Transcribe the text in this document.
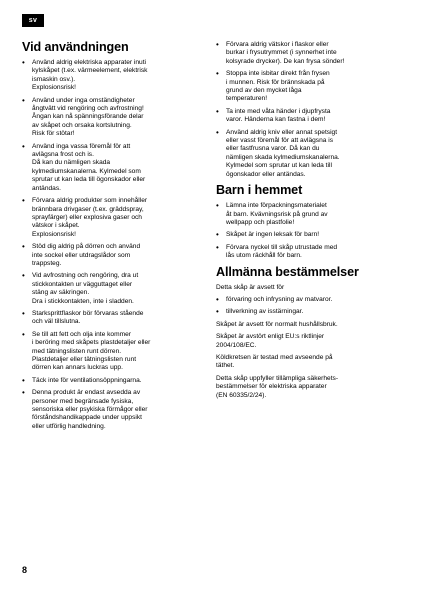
sv
Vid användningen
• Använd aldrig elektriska apparater inuti
kylskåpet (t.ex. värmeelement, elektrisk
ismaskin osv.).
Explosionsrisk!
• Använd under inga omständigheter
ångtvätt vid rengöring och avfrostning!
Ångan kan nå spänningsförande delar
av skåpet och orsaka kortslutning.
Risk för stötar!
• Använd inga vassa föremål för att
avlägsna frost och is.
Då kan du nämligen skada
kylmediumskanalerna. Kylmedel som
sprutar ut kan leda till ögonskador eller
antändas.
• Förvara aldrig produkter som innehåller
brännbara drivgaser (t.ex. gräddspray,
sprayfärger) eller explosiva gaser och
vätskor i skåpet.
Explosionsrisk!
• Stöd dig aldrig på dörren och använd
inte sockel eller utdragslådor som
trappsteg.
• Vid avfrostning och rengöring, dra ut
stickkontakten ur vägguttaget eller
stäng av säkringen.
Dra i stickkontakten, inte i sladden.
• Starksprittflaskor bör förvaras stående
och väl tillslutna.
• Se till att fett och olja inte kommer
i beröring med skåpets plastdetaljer eller
med tätningslisten runt dörren.
Plastdetaljer eller tätningslisten runt
dörren kan annars luckras upp.
• Täck inte för ventilationsöppningarna.
• Denna produkt är endast avsedda av
personer med begränsade fysiska,
sensoriska eller psykiska förmågor eller
förståndshandikappade under uppsikt
eller utförlig handledning.
• Förvara aldrig vätskor i flaskor eller
burkar i frysutrymmet (i synnerhet inte
kolsyrade drycker). De kan frysa sönder!
• Stoppa inte isbitar direkt från frysen
i munnen. Risk för brännskada på
grund av den mycket låga
temperaturen!
• Ta inte med våta händer i djupfrysta
varor. Händerna kan fastna i dem!
• Använd aldrig kniv eller annat spetsigt
eller vasst föremål för att avlägsna is
eller fastfrusna varor. Då kan du
nämligen skada kylmediumskanalerna.
Kylmedel som sprutar ut kan leda till
ögonskador eller antändas.
Barn i hemmet
• Lämna inte förpackningsmaterialet
åt barn. Kvävningsrisk på grund av
wellpapp och plastfolie!
• Skåpet är ingen leksak för barn!
• Förvara nyckel till skåp utrustade med
lås utom räckhåll för barn.
Allmänna bestämmelser

Detta skåp är avsett för

• förvaring och infrysning av matvaror.
• tillverkning av isstärningar.

Skåpet är avsett för normalt hushållsbruk.

Skåpet är avstört enligt EU:s riktlinjer
2004/108/EC.

Köldkretsen är testad med avseende på
täthet.

Detta skåp uppfyller tillämpliga säkerhets-
bestämmelser för elektriska apparater
(EN 60335/2/24).

8
